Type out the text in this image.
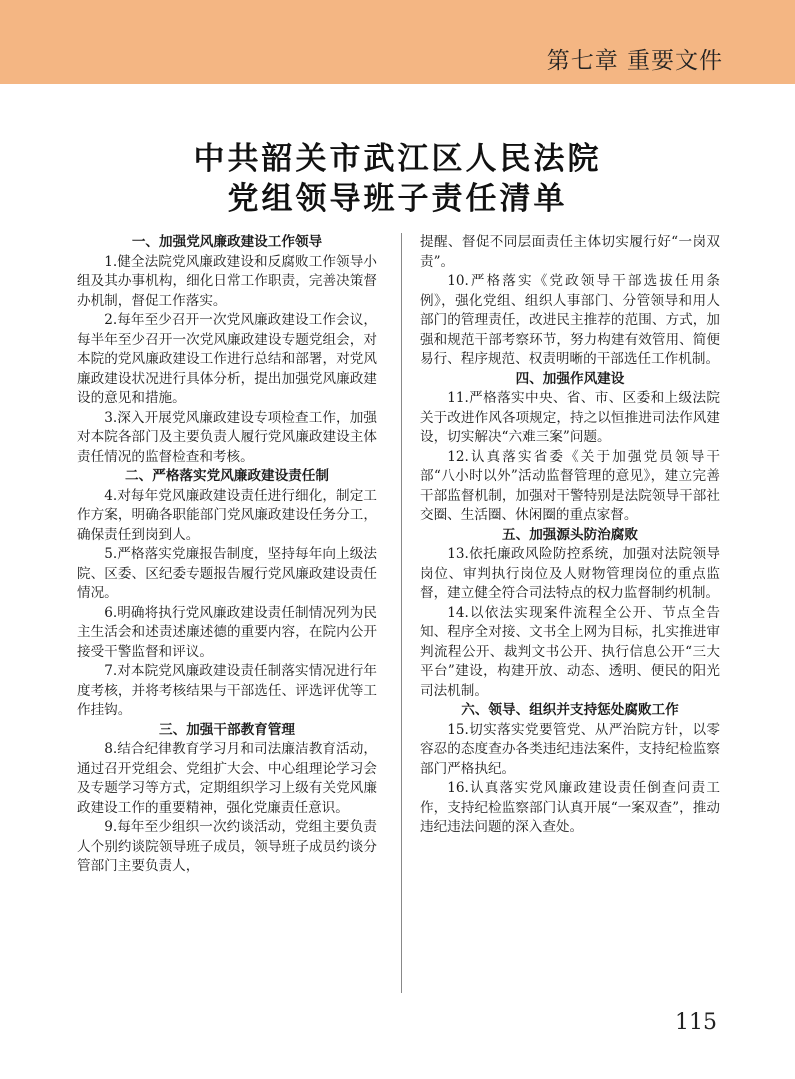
第七章 重要文件
中共韶关市武江区人民法院
党组领导班子责任清单
一、加强党风廉政建设工作领导

1.健全法院党风廉政建设和反腐败工作领导小组及其办事机构，细化日常工作职责，完善决策督办机制，督促工作落实。

2.每年至少召开一次党风廉政建设工作会议，每半年至少召开一次党风廉政建设专题党组会，对本院的党风廉政建设工作进行总结和部署，对党风廉政建设状况进行具体分析，提出加强党风廉政建设的意见和措施。

3.深入开展党风廉政建设专项检查工作，加强对本院各部门及主要负责人履行党风廉政建设主体责任情况的监督检查和考核。

二、严格落实党风廉政建设责任制

4.对每年党风廉政建设责任进行细化，制定工作方案，明确各职能部门党风廉政建设任务分工，确保责任到岗到人。

5.严格落实党廉报告制度，坚持每年向上级法院、区委、区纪委专题报告履行党风廉政建设责任情况。

6.明确将执行党风廉政建设责任制情况列为民主生活会和述责述廉述德的重要内容，在院内公开接受干警监督和评议。

7.对本院党风廉政建设责任制落实情况进行年度考核，并将考核结果与干部选任、评选评优等工作挂钩。

三、加强干部教育管理

8.结合纪律教育学习月和司法廉洁教育活动，通过召开党组会、党组扩大会、中心组理论学习会及专题学习等方式，定期组织学习上级有关党风廉政建设工作的重要精神，强化党廉责任意识。

9.每年至少组织一次约谈活动，党组主要负责人个别约谈院领导班子成员，领导班子成员约谈分管部门主要负责人，

提醒、督促不同层面责任主体切实履行好“一岗双责”。

10.严格落实《党政领导干部选拔任用条例》，强化党组、组织人事部门、分管领导和用人部门的管理责任，改进民主推荐的范围、方式，加强和规范干部考察环节，努力构建有效管用、简便易行、程序规范、权责明晰的干部选任工作机制。

四、加强作风建设

11.严格落实中央、省、市、区委和上级法院关于改进作风各项规定，持之以恒推进司法作风建设，切实解决“六难三案”问题。

12.认真落实省委《关于加强党员领导干部“八小时以外”活动监督管理的意见》，建立完善干部监督机制，加强对干警特别是法院领导干部社交圈、生活圈、休闲圈的重点家督。

五、加强源头防治腐败

13.依托廉政风险防控系统，加强对法院领导岗位、审判执行岗位及人财物管理岗位的重点监督，建立健全符合司法特点的权力监督制约机制。

14.以依法实现案件流程全公开、节点全告知、程序全对接、文书全上网为目标，扎实推进审判流程公开、裁判文书公开、执行信息公开“三大平台”建设，构建开放、动态、透明、便民的阳光司法机制。

六、领导、组织并支持惩处腐败工作

15.切实落实党要管党、从严治院方针，以零容忍的态度查办各类违纪违法案件，支持纪检监察部门严格执纪。

16.认真落实党风廉政建设责任倒查问责工作，支持纪检监察部门认真开展“一案双查”，推动违纪违法问题的深入查处。

115
